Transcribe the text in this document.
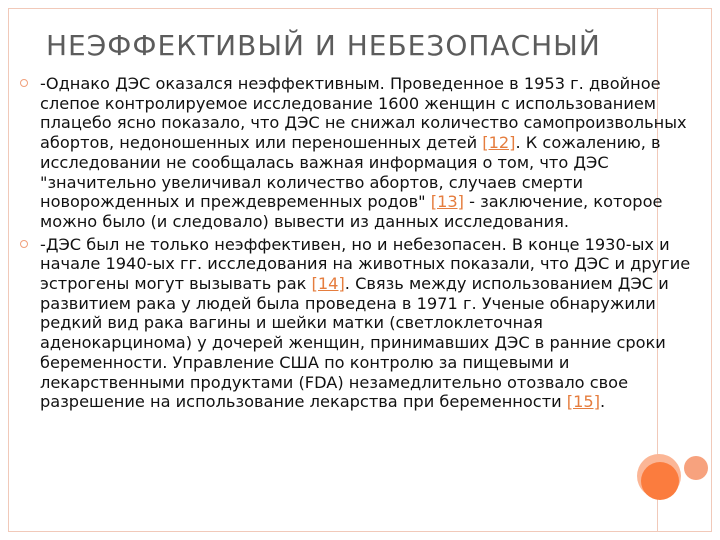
НЕЭФФЕКТИВЫЙ И НЕБЕЗОПАСНЫЙ
-Однако ДЭС оказался неэффективным. Проведенное в 1953 г. двойное слепое контролируемое исследование 1600 женщин с использованием плацебо ясно показало, что ДЭС не снижал количество самопроизвольных абортов, недоношенных или переношенных детей [12]. К сожалению, в исследовании не сообщалась важная информация о том, что ДЭС "значительно увеличивал количество абортов, случаев смерти новорожденных и преждевременных родов" [13] - заключение, которое можно было (и следовало) вывести из данных исследования.
-ДЭС был не только неэффективен, но и небезопасен. В конце 1930-ых и начале 1940-ых гг. исследования на животных показали, что ДЭС и другие эстрогены могут вызывать рак [14]. Связь между использованием ДЭС и развитием рака у людей была проведена в 1971 г. Ученые обнаружили редкий вид рака вагины и шейки матки (светлоклеточная аденокарцинома) у дочерей женщин, принимавших ДЭС в ранние сроки беременности. Управление США по контролю за пищевыми и лекарственными продуктами (FDA) незамедлительно отозвало свое разрешение на использование лекарства при беременности [15].
